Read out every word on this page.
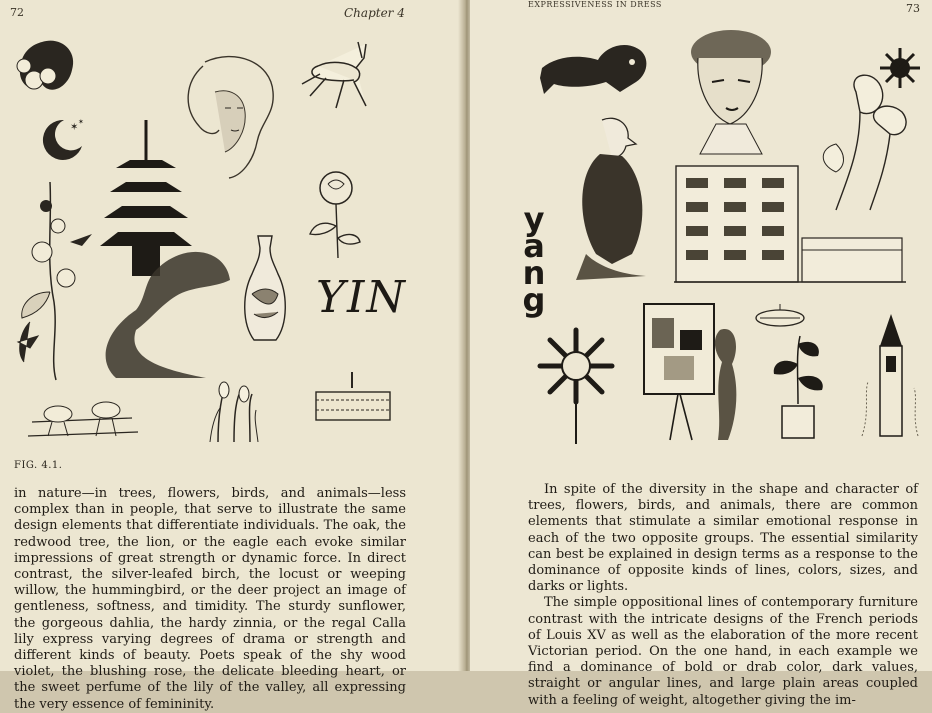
72	Chapter 4
✶ ✶
YIN
FIG. 4.1.

in nature—in trees, flowers, birds, and animals—less complex than in people, that serve to illustrate the same design elements that differentiate individuals. The oak, the redwood tree, the lion, or the eagle each evoke similar impressions of great strength or dynamic force. In direct contrast, the silver-leafed birch, the locust or weeping willow, the hummingbird, or the deer project an image of gentleness, softness, and timidity. The sturdy sunflower, the gorgeous dahlia, the hardy zinnia, or the regal Calla lily express varying degrees of drama or strength and different kinds of beauty. Poets speak of the shy wood violet, the blushing rose, the delicate bleeding heart, or the sweet perfume of the lily of the valley, all expressing the very essence of femininity.

EXPRESSIVENESS IN DRESS	73
y
a
n
g

In spite of the diversity in the shape and character of trees, flowers, birds, and animals, there are common elements that stimulate a similar emotional response in each of the two opposite groups. The essential similarity can best be explained in design terms as a response to the dominance of opposite kinds of lines, colors, sizes, and darks or lights.

The simple oppositional lines of contemporary furniture contrast with the intricate designs of the French periods of Louis XV as well as the elaboration of the more recent Victorian period. On the one hand, in each example we find a dominance of bold or drab color, dark values, straight or angular lines, and large plain areas coupled with a feeling of weight, altogether giving the im-
